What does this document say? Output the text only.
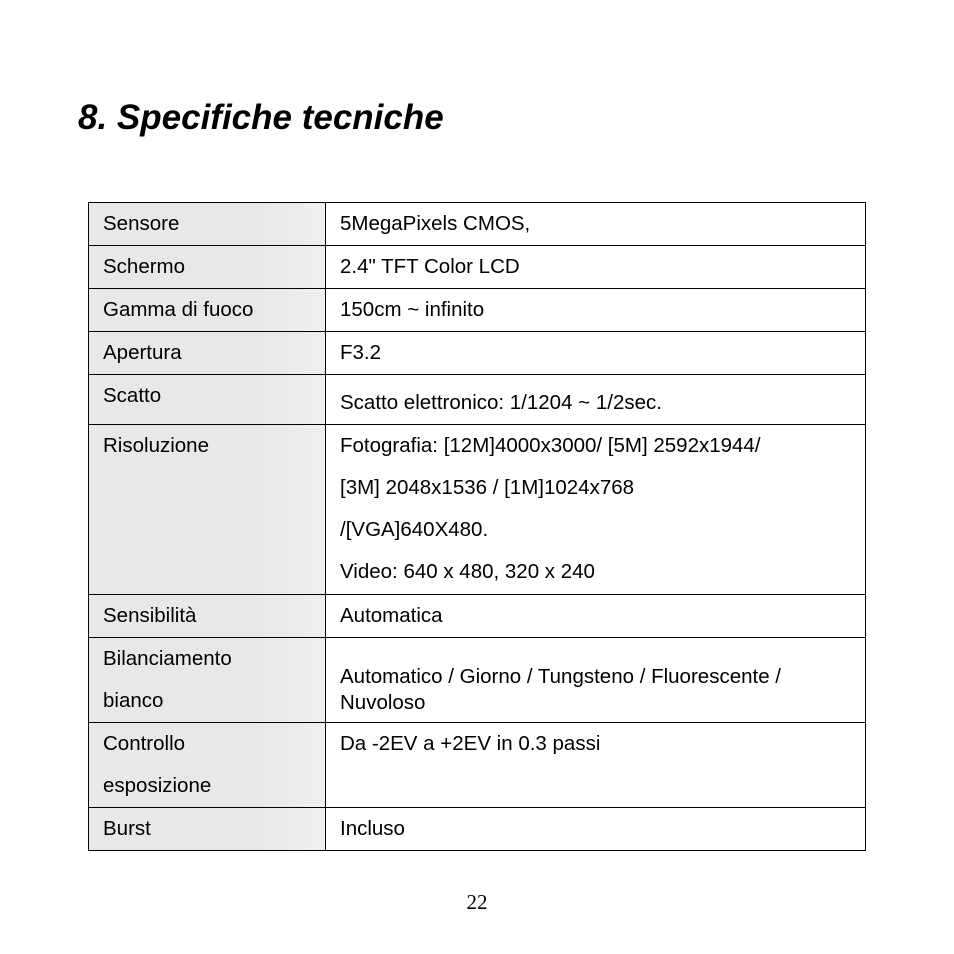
8. Specifiche tecniche
Sensore	5MegaPixels CMOS,

Schermo	2.4" TFT Color LCD

Gamma di fuoco	150cm ~ infinito

Apertura	F3.2

Scatto	Scatto elettronico: 1/1204 ~ 1/2sec.

Risoluzione	Fotografia: [12M]4000x3000/ [5M] 2592x1944/
[3M] 2048x1536 / [1M]1024x768
/[VGA]640X480.
Video: 640 x 480, 320 x 240

Sensibilità	Automatica

Bilanciamento
bianco	Automatico / Giorno / Tungsteno / Fluorescente /
Nuvoloso

Controllo
esposizione	Da -2EV a +2EV in 0.3 passi

Burst	Incluso
22
